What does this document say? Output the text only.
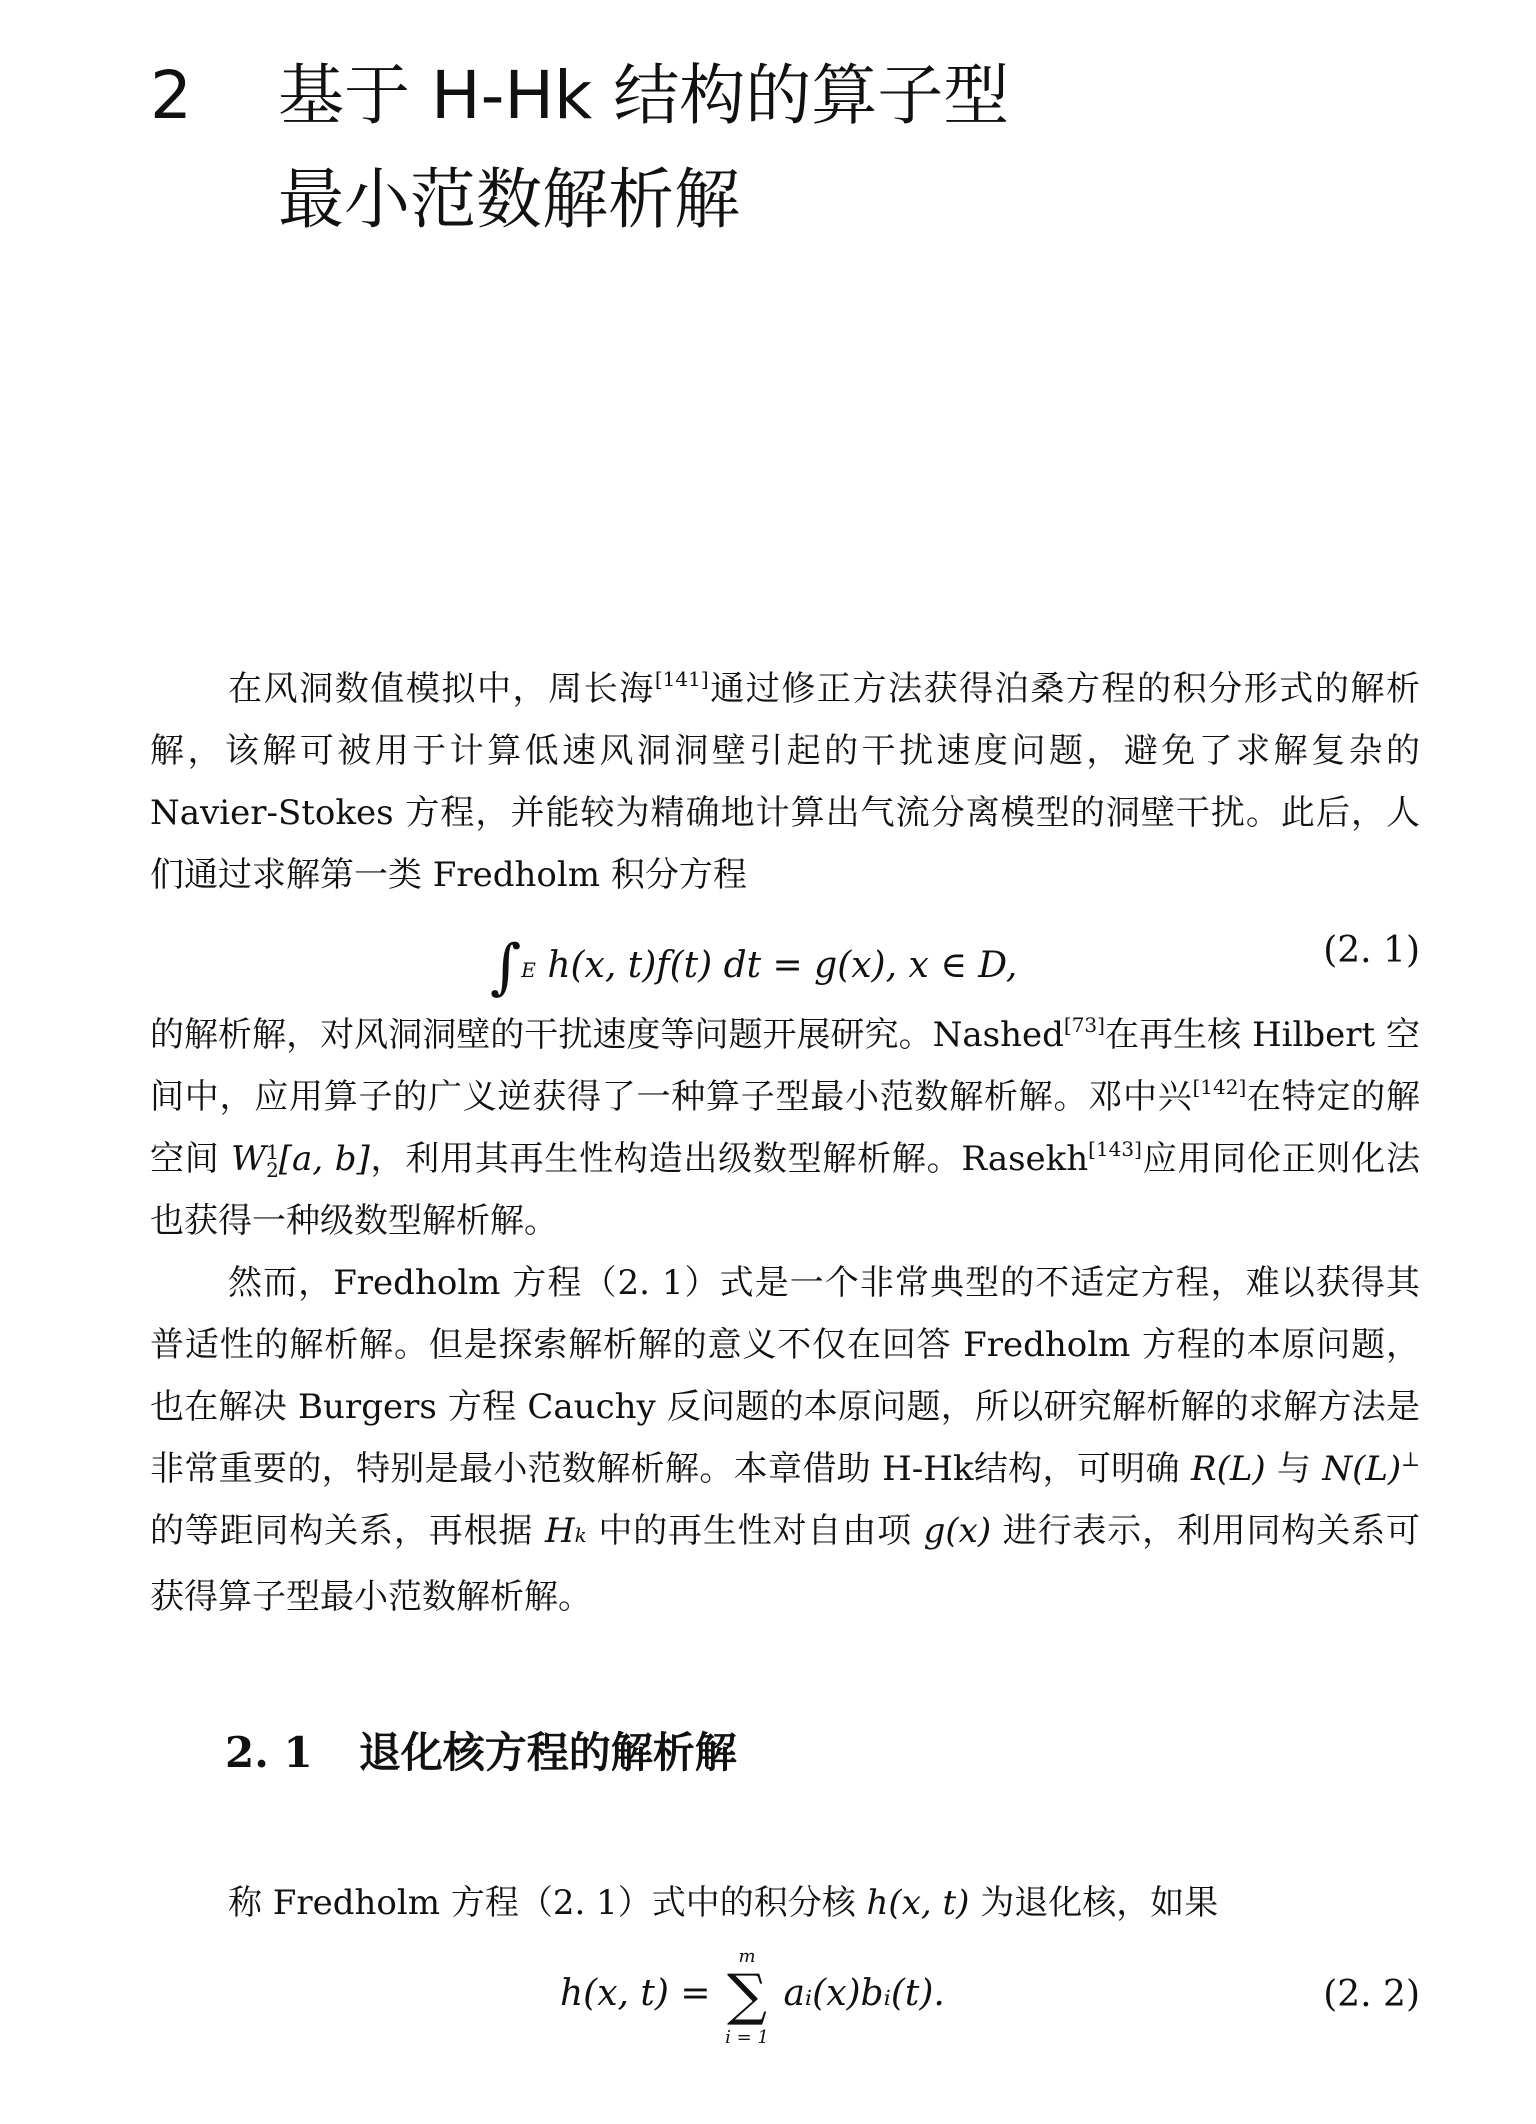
2	基于 H-Hk 结构的算子型
最小范数解析解

在风洞数值模拟中，周长海[141]通过修正方法获得泊桑方程的积分形式的解析解，该解可被用于计算低速风洞洞壁引起的干扰速度问题，避免了求解复杂的 Navier-Stokes 方程，并能较为精确地计算出气流分离模型的洞壁干扰。此后，人们通过求解第一类 Fredholm 积分方程

∫E h(x, t)f(t) dt = g(x), x ∈ D,	(2. 1)

的解析解，对风洞洞壁的干扰速度等问题开展研究。Nashed[73]在再生核 Hilbert 空间中，应用算子的广义逆获得了一种算子型最小范数解析解。邓中兴[142]在特定的解空间 W 1
2 [a, b]，利用其再生性构造出级数型解析解。Rasekh[143]应用同伦正则化法也获得一种级数型解析解。

然而，Fredholm 方程（2. 1）式是一个非常典型的不适定方程，难以获得其普适性的解析解。但是探索解析解的意义不仅在回答 Fredholm 方程的本原问题，也在解决 Burgers 方程 Cauchy 反问题的本原问题，所以研究解析解的求解方法是非常重要的，特别是最小范数解析解。本章借助 H-Hk结构，可明确 R(L) 与 N(L)⊥ 的等距同构关系，再根据 Hk 中的再生性对自由项 g(x) 进行表示，利用同构关系可获得算子型最小范数解析解。

2. 1 退化核方程的解析解

称 Fredholm 方程（2. 1）式中的积分核 h(x, t) 为退化核，如果

h(x, t) =
m
∑
i = 1
aᵢ(x)bᵢ(t).	(2. 2)
